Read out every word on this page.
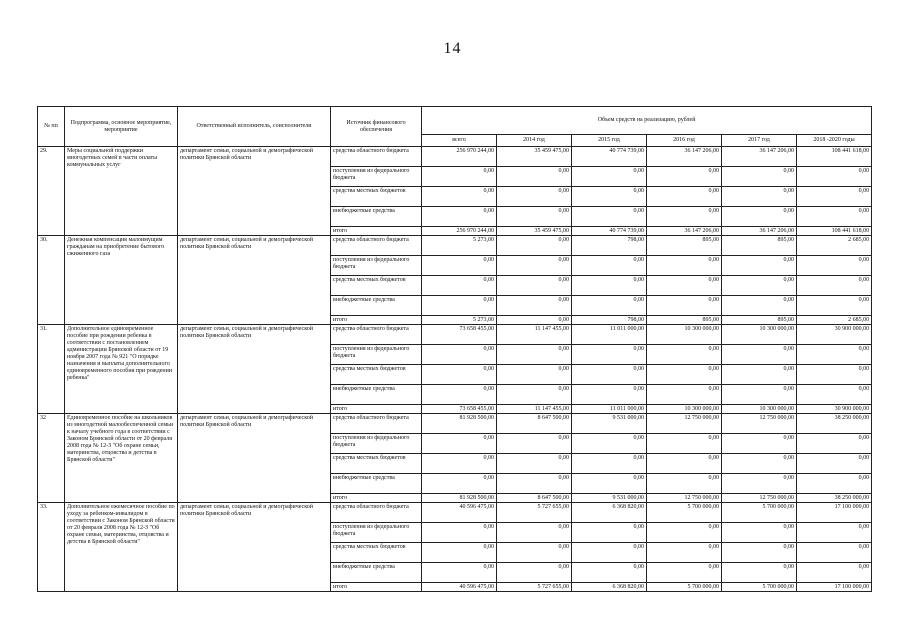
14
№ пп	Подпрограмма, основное мероприятие, мероприятие	Ответственный исполнитель, соисполнители	Источник финансового обеспечения	Объем средств на реализацию, рублей					
				всего	2014 год	2015 год	2016 год	2017 год	2018 -2020 годы
29.	Меры социальной поддержки многодетных семей в части оплаты коммунальных услуг	департамент семьи, социальной и демографической политики Брянской области	средства областного бюджета	256 970 244,00	35 459 475,00	40 774 739,00	36 147 206,00	36 147 206,00	108 441 618,00
			поступления из федерального бюджета	0,00	0,00	0,00	0,00	0,00	0,00
			средства местных бюджетов	0,00	0,00	0,00	0,00	0,00	0,00
			внебюджетные средства	0,00	0,00	0,00	0,00	0,00	0,00
			итого	256 970 244,00	35 459 475,00	40 774 739,00	36 147 206,00	36 147 206,00	108 441 618,00
30.	Денежная компенсация малоимущим гражданам на приобретение бытового сжиженного газа	департамент семьи, социальной и демографической политики Брянской области	средства областного бюджета	5 273,00	0,00	798,00	895,00	895,00	2 685,00
			поступления из федерального бюджета	0,00	0,00	0,00	0,00	0,00	0,00
			средства местных бюджетов	0,00	0,00	0,00	0,00	0,00	0,00
			внебюджетные средства	0,00	0,00	0,00	0,00	0,00	0,00
			итого	5 273,00	0,00	798,00	895,00	895,00	2 685,00
31.	Дополнительное единовременное пособие при рождении ребенка в соответствии с постановлением администрации Брянской области от 19 ноября 2007 года № 921 "О порядке назначения и выплаты дополнительного единовременного пособия при рождении ребенка"	департамент семьи, социальной и демографической политики Брянской области	средства областного бюджета	73 658 455,00	11 147 455,00	11 011 000,00	10 300 000,00	10 300 000,00	30 900 000,00
			поступления из федерального бюджета	0,00	0,00	0,00	0,00	0,00	0,00
			средства местных бюджетов	0,00	0,00	0,00	0,00	0,00	0,00
			внебюджетные средства	0,00	0,00	0,00	0,00	0,00	0,00
			итого	73 658 455,00	11 147 455,00	11 011 000,00	10 300 000,00	10 300 000,00	30 900 000,00
32	Единовременное пособие на школьников из многодетной малообеспеченной семьи к началу учебного года в соответствии с Законом Брянской области от 20 февраля 2008 года № 12-З "Об охране семьи, материнства, отцовства и детства в Брянской области"	департамент семьи, социальной и демографической политики Брянской области	средства областного бюджета	81 928 500,00	8 647 500,00	9 531 000,00	12 750 000,00	12 750 000,00	38 250 000,00
			поступления из федерального бюджета	0,00	0,00	0,00	0,00	0,00	0,00
			средства местных бюджетов	0,00	0,00	0,00	0,00	0,00	0,00
			внебюджетные средства	0,00	0,00	0,00	0,00	0,00	0,00
			итого	81 928 500,00	8 647 500,00	9 531 000,00	12 750 000,00	12 750 000,00	38 250 000,00
33.	Дополнительное ежемесячное пособие по уходу за ребенком-инвалидом в соответствии с Законом Брянской области от 20 февраля 2008 года № 12-З "Об охране семьи, материнства, отцовства и детства в Брянской области"	департамент семьи, социальной и демографической политики Брянской области	средства областного бюджета	40 596 475,00	5 727 655,00	6 368 820,00	5 700 000,00	5 700 000,00	17 100 000,00
			поступления из федерального бюджета	0,00	0,00	0,00	0,00	0,00	0,00
			средства местных бюджетов	0,00	0,00	0,00	0,00	0,00	0,00
			внебюджетные средства	0,00	0,00	0,00	0,00	0,00	0,00
			итого	40 596 475,00	5 727 655,00	6 368 820,00	5 700 000,00	5 700 000,00	17 100 000,00
